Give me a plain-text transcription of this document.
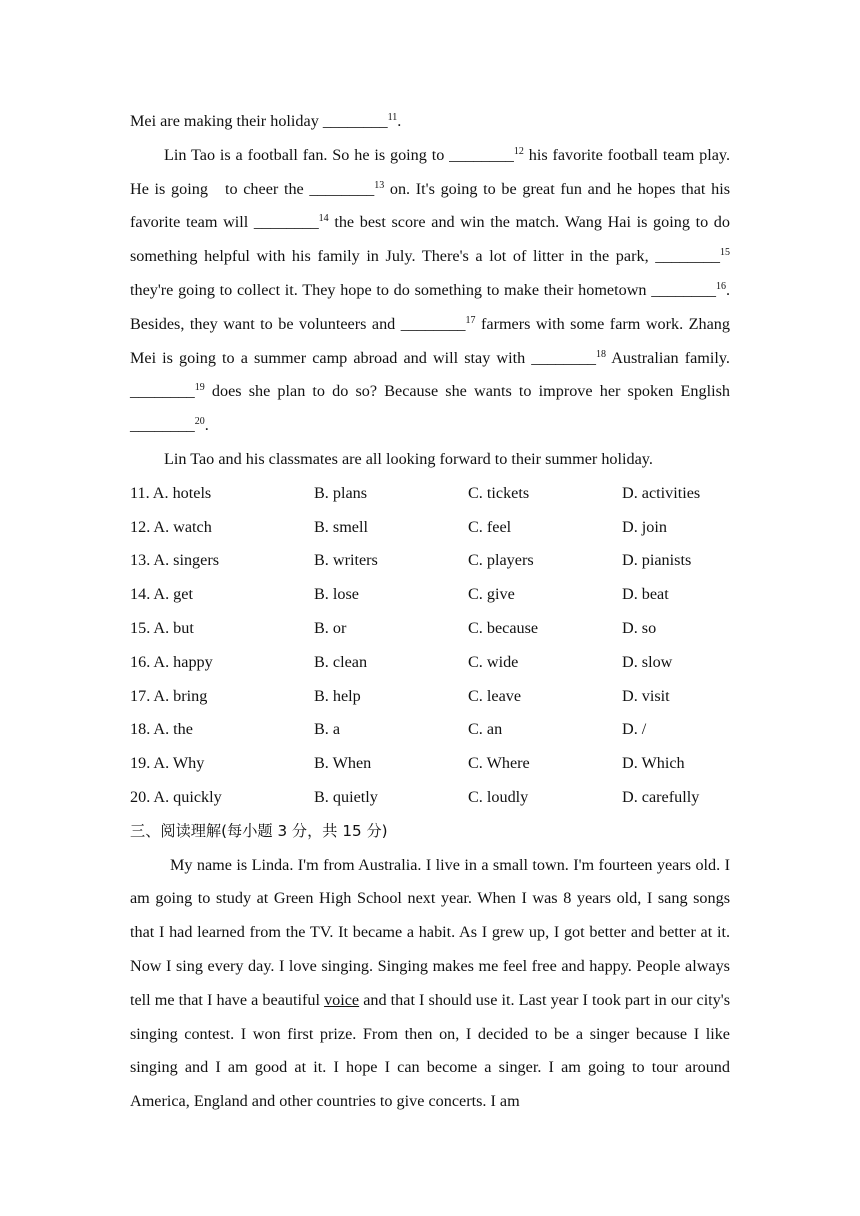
Mei are making their holiday ________$^{11}$.

Lin Tao is a football fan. So he is going to ________$^{12}$ his favorite football team play. He is going   to cheer the ________$^{13}$ on. It's going to be great fun and he hopes that his favorite team will ________$^{14}$ the best score and win the match. Wang Hai is going to do something helpful with his family in July. There's a lot of litter in the park, ________$^{15}$ they're going to collect it. They hope to do something to make their hometown ________$^{16}$. Besides, they want to be volunteers and ________$^{17}$ farmers with some farm work. Zhang Mei is going to a summer camp abroad and will stay with ________$^{18}$ Australian family. ________$^{19}$ does she plan to do so? Because she wants to improve her spoken English ________$^{20}$.

Lin Tao and his classmates are all looking forward to their summer holiday.

11. A. hotels	B. plans	C. tickets	D. activities
12. A. watch	B. smell	C. feel	D. join
13. A. singers	B. writers	C. players	D. pianists
14. A. get	B. lose	C. give	D. beat
15. A. but	B. or	C. because	D. so
16. A. happy	B. clean	C. wide	D. slow
17. A. bring	B. help	C. leave	D. visit
18. A. the	B. a	C. an	D. /
19. A. Why	B. When	C. Where	D. Which
20. A. quickly	B. quietly	C. loudly	D. carefully

三、阅读理解(每小题 3 分，共 15 分)

My name is Linda. I'm from Australia. I live in a small town. I'm fourteen years old. I am going to study at Green High School next year. When I was 8 years old, I sang songs that I had learned from the TV. It became a habit. As I grew up, I got better and better at it. Now I sing every day. I love singing. Singing makes me feel free and happy. People always tell me that I have a beautiful voice and that I should use it. Last year I took part in our city's singing contest. I won first prize. From then on, I decided to be a singer because I like singing and I am good at it. I hope I can become a singer. I am going to tour around America, England and other countries to give concerts. I am
